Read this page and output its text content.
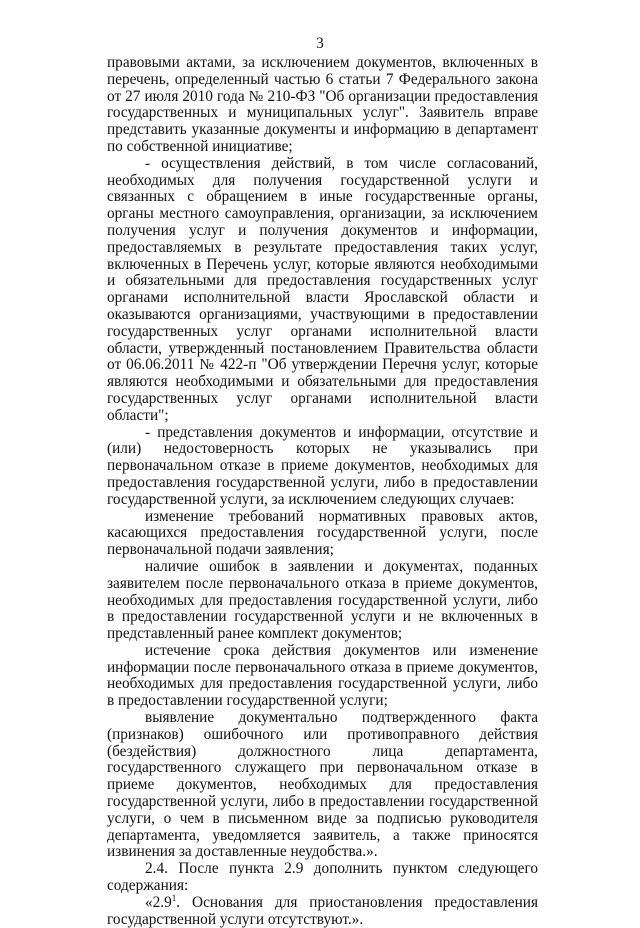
3

правовыми актами, за исключением документов, включенных в перечень, определенный частью 6 статьи 7 Федерального закона от 27 июля 2010 года № 210-ФЗ "Об организации предоставления государственных и муниципальных услуг". Заявитель вправе представить указанные документы и информацию в департамент по собственной инициативе;

- осуществления действий, в том числе согласований, необходимых для получения государственной услуги и связанных с обращением в иные государственные органы, органы местного самоуправления, организации, за исключением получения услуг и получения документов и информации, предоставляемых в результате предоставления таких услуг, включенных в Перечень услуг, которые являются необходимыми и обязательными для предоставления государственных услуг органами исполнительной власти Ярославской области и оказываются организациями, участвующими в предоставлении государственных услуг органами исполнительной власти области, утвержденный постановлением Правительства области от 06.06.2011 № 422-п "Об утверждении Перечня услуг, которые являются необходимыми и обязательными для предоставления государственных услуг органами исполнительной власти области";

- представления документов и информации, отсутствие и (или) недостоверность которых не указывались при первоначальном отказе в приеме документов, необходимых для предоставления государственной услуги, либо в предоставлении государственной услуги, за исключением следующих случаев:

изменение требований нормативных правовых актов, касающихся предоставления государственной услуги, после первоначальной подачи заявления;

наличие ошибок в заявлении и документах, поданных заявителем после первоначального отказа в приеме документов, необходимых для предоставления государственной услуги, либо в предоставлении государственной услуги и не включенных в представленный ранее комплект документов;

истечение срока действия документов или изменение информации после первоначального отказа в приеме документов, необходимых для предоставления государственной услуги, либо в предоставлении государственной услуги;

выявление документально подтвержденного факта (признаков) ошибочного или противоправного действия (бездействия) должностного лица департамента, государственного служащего при первоначальном отказе в приеме документов, необходимых для предоставления государственной услуги, либо в предоставлении государственной услуги, о чем в письменном виде за подписью руководителя департамента, уведомляется заявитель, а также приносятся извинения за доставленные неудобства.».

2.4. После пункта 2.9 дополнить пунктом следующего содержания:

«$2.9^1$. Основания для приостановления предоставления государственной услуги отсутствуют.».
